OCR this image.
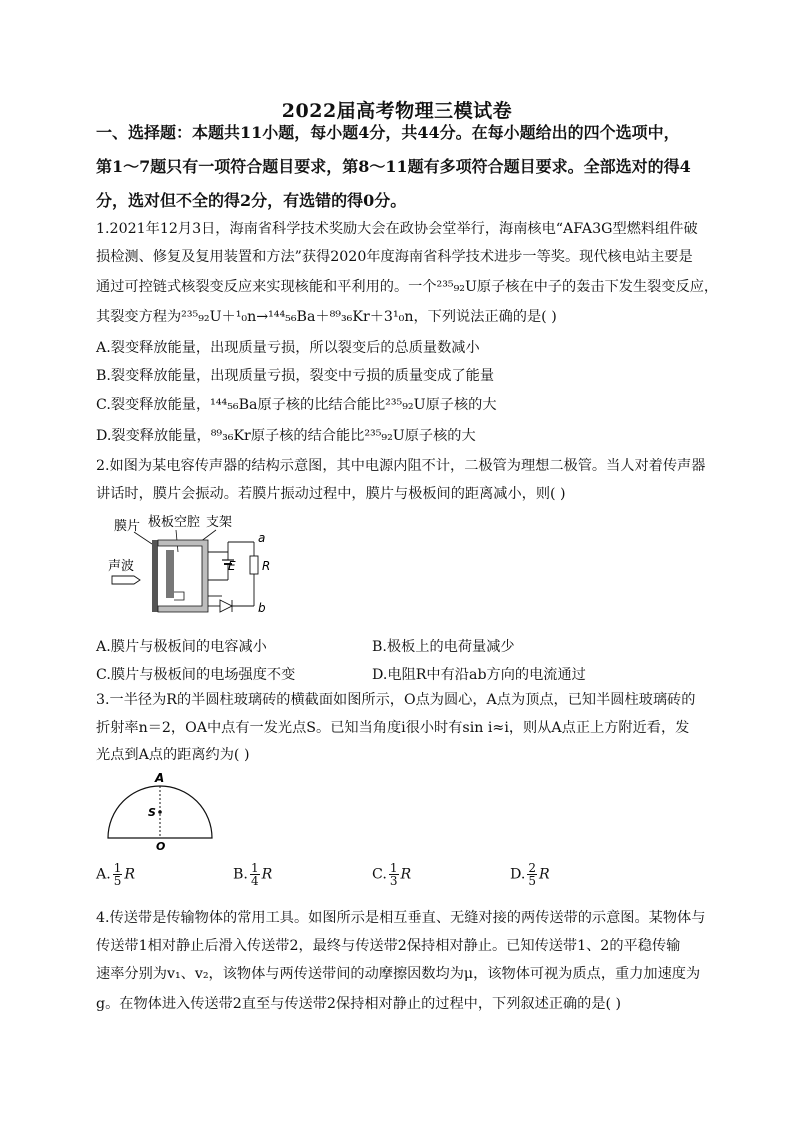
2022届高考物理三模试卷
一、选择题：本题共11小题，每小题4分，共44分。在每小题给出的四个选项中，
第1～7题只有一项符合题目要求，第8～11题有多项符合题目要求。全部选对的得4
分，选对但不全的得2分，有选错的得0分。
1.2021年12月3日，海南省科学技术奖励大会在政协会堂举行，海南核电“AFA3G型燃料组件破
损检测、修复及复用装置和方法”获得2020年度海南省科学技术进步一等奖。现代核电站主要是
通过可控链式核裂变反应来实现核能和平利用的。一个²³⁵₉₂U原子核在中子的轰击下发生裂变反应，
其裂变方程为²³⁵₉₂U＋¹₀n→¹⁴⁴₅₆Ba＋⁸⁹₃₆Kr＋3¹₀n，下列说法正确的是( )
A.裂变释放能量，出现质量亏损，所以裂变后的总质量数减小
B.裂变释放能量，出现质量亏损，裂变中亏损的质量变成了能量
C.裂变释放能量，¹⁴⁴₅₆Ba原子核的比结合能比²³⁵₉₂U原子核的大
D.裂变释放能量，⁸⁹₃₆Kr原子核的结合能比²³⁵₉₂U原子核的大
2.如图为某电容传声器的结构示意图，其中电源内阻不计，二极管为理想二极管。当人对着传声器
讲话时，膜片会振动。若膜片振动过程中，膜片与极板间的距离减小，则( )
膜片 极板空腔 支架
声波	E R
a
b
A.膜片与极板间的电容减小	B.极板上的电荷量减少
C.膜片与极板间的电场强度不变	D.电阻R中有沿ab方向的电流通过
3.一半径为R的半圆柱玻璃砖的横截面如图所示，O点为圆心，A点为顶点，已知半圆柱玻璃砖的
折射率n＝2，OA中点有一发光点S。已知当角度i很小时有sin i≈i，则从A点正上方附近看，发
光点到A点的距离约为( )
A
S
O
A. $\frac{1}{5}$ R	B. $\frac{1}{4}$ R	C. $\frac{1}{3}$ R	D. $\frac{2}{5}$ R
4.传送带是传输物体的常用工具。如图所示是相互垂直、无缝对接的两传送带的示意图。某物体与
传送带1相对静止后滑入传送带2，最终与传送带2保持相对静止。已知传送带1、2的平稳传输
速率分别为v₁、v₂，该物体与两传送带间的动摩擦因数均为μ，该物体可视为质点，重力加速度为
g。在物体进入传送带2直至与传送带2保持相对静止的过程中，下列叙述正确的是( )
